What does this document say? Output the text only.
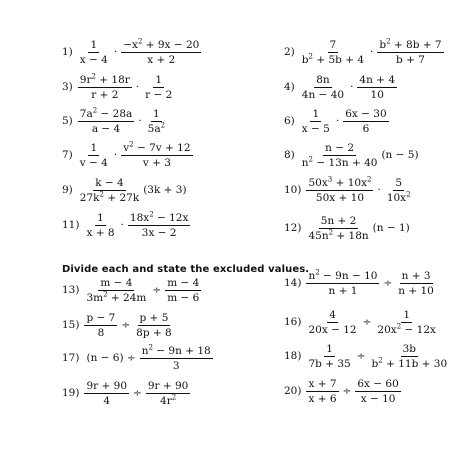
Divide each and state the excluded values.
$1) \frac{1}{x - 4} \cdot \frac{-x^2 + 9x - 20}{x + 2}$	$2) \frac{7}{b^2 + 5b + 4} \cdot \frac{b^2 + 8b + 7}{b + 7}$
$3) \frac{9r^2 + 18r}{r + 2} \cdot \frac{1}{r - 2}$	$4) \frac{8n}{4n - 40} \cdot \frac{4n + 4}{10}$
$5) \frac{7a^2 - 28a}{a - 4} \cdot \frac{1}{5a^2}$	$6) \frac{1}{x - 5} \cdot \frac{6x - 30}{6}$
$7) \frac{1}{v - 4} \cdot \frac{v^2 - 7v + 12}{v + 3}$	$8) \frac{n - 2}{n^2 - 13n + 40} (n - 5)$
$9) \frac{k - 4}{27k^2 + 27k} (3k + 3)$	$10) \frac{50x^3 + 10x^2}{50x + 10} \cdot \frac{5}{10x^2}$
$11) \frac{1}{x + 8} \cdot \frac{18x^2 - 12x}{3x - 2}$	$12) \frac{5n + 2}{45n^2 + 18n} (n - 1)$
$13) \frac{m - 4}{3m^2 + 24m} \div \frac{m - 4}{m - 6}$	$14) \frac{n^2 - 9n - 10}{n + 1} \div \frac{n + 3}{n + 10}$
$15) \frac{p - 7}{8} \div \frac{p + 5}{8p + 8}$	$16) \frac{4}{20x - 12} \div \frac{1}{20x^2 - 12x}$
17) $(n - 6) \div \frac{n^2 - 9n + 18}{3}$	$18) \frac{1}{7b + 35} \div \frac{3b}{b^2 + 11b + 30}$
$19) \frac{9r + 90}{4} \div \frac{9r + 90}{4r^2}$	$20) \frac{x + 7}{x + 6} \div \frac{6x - 60}{x - 10}$
